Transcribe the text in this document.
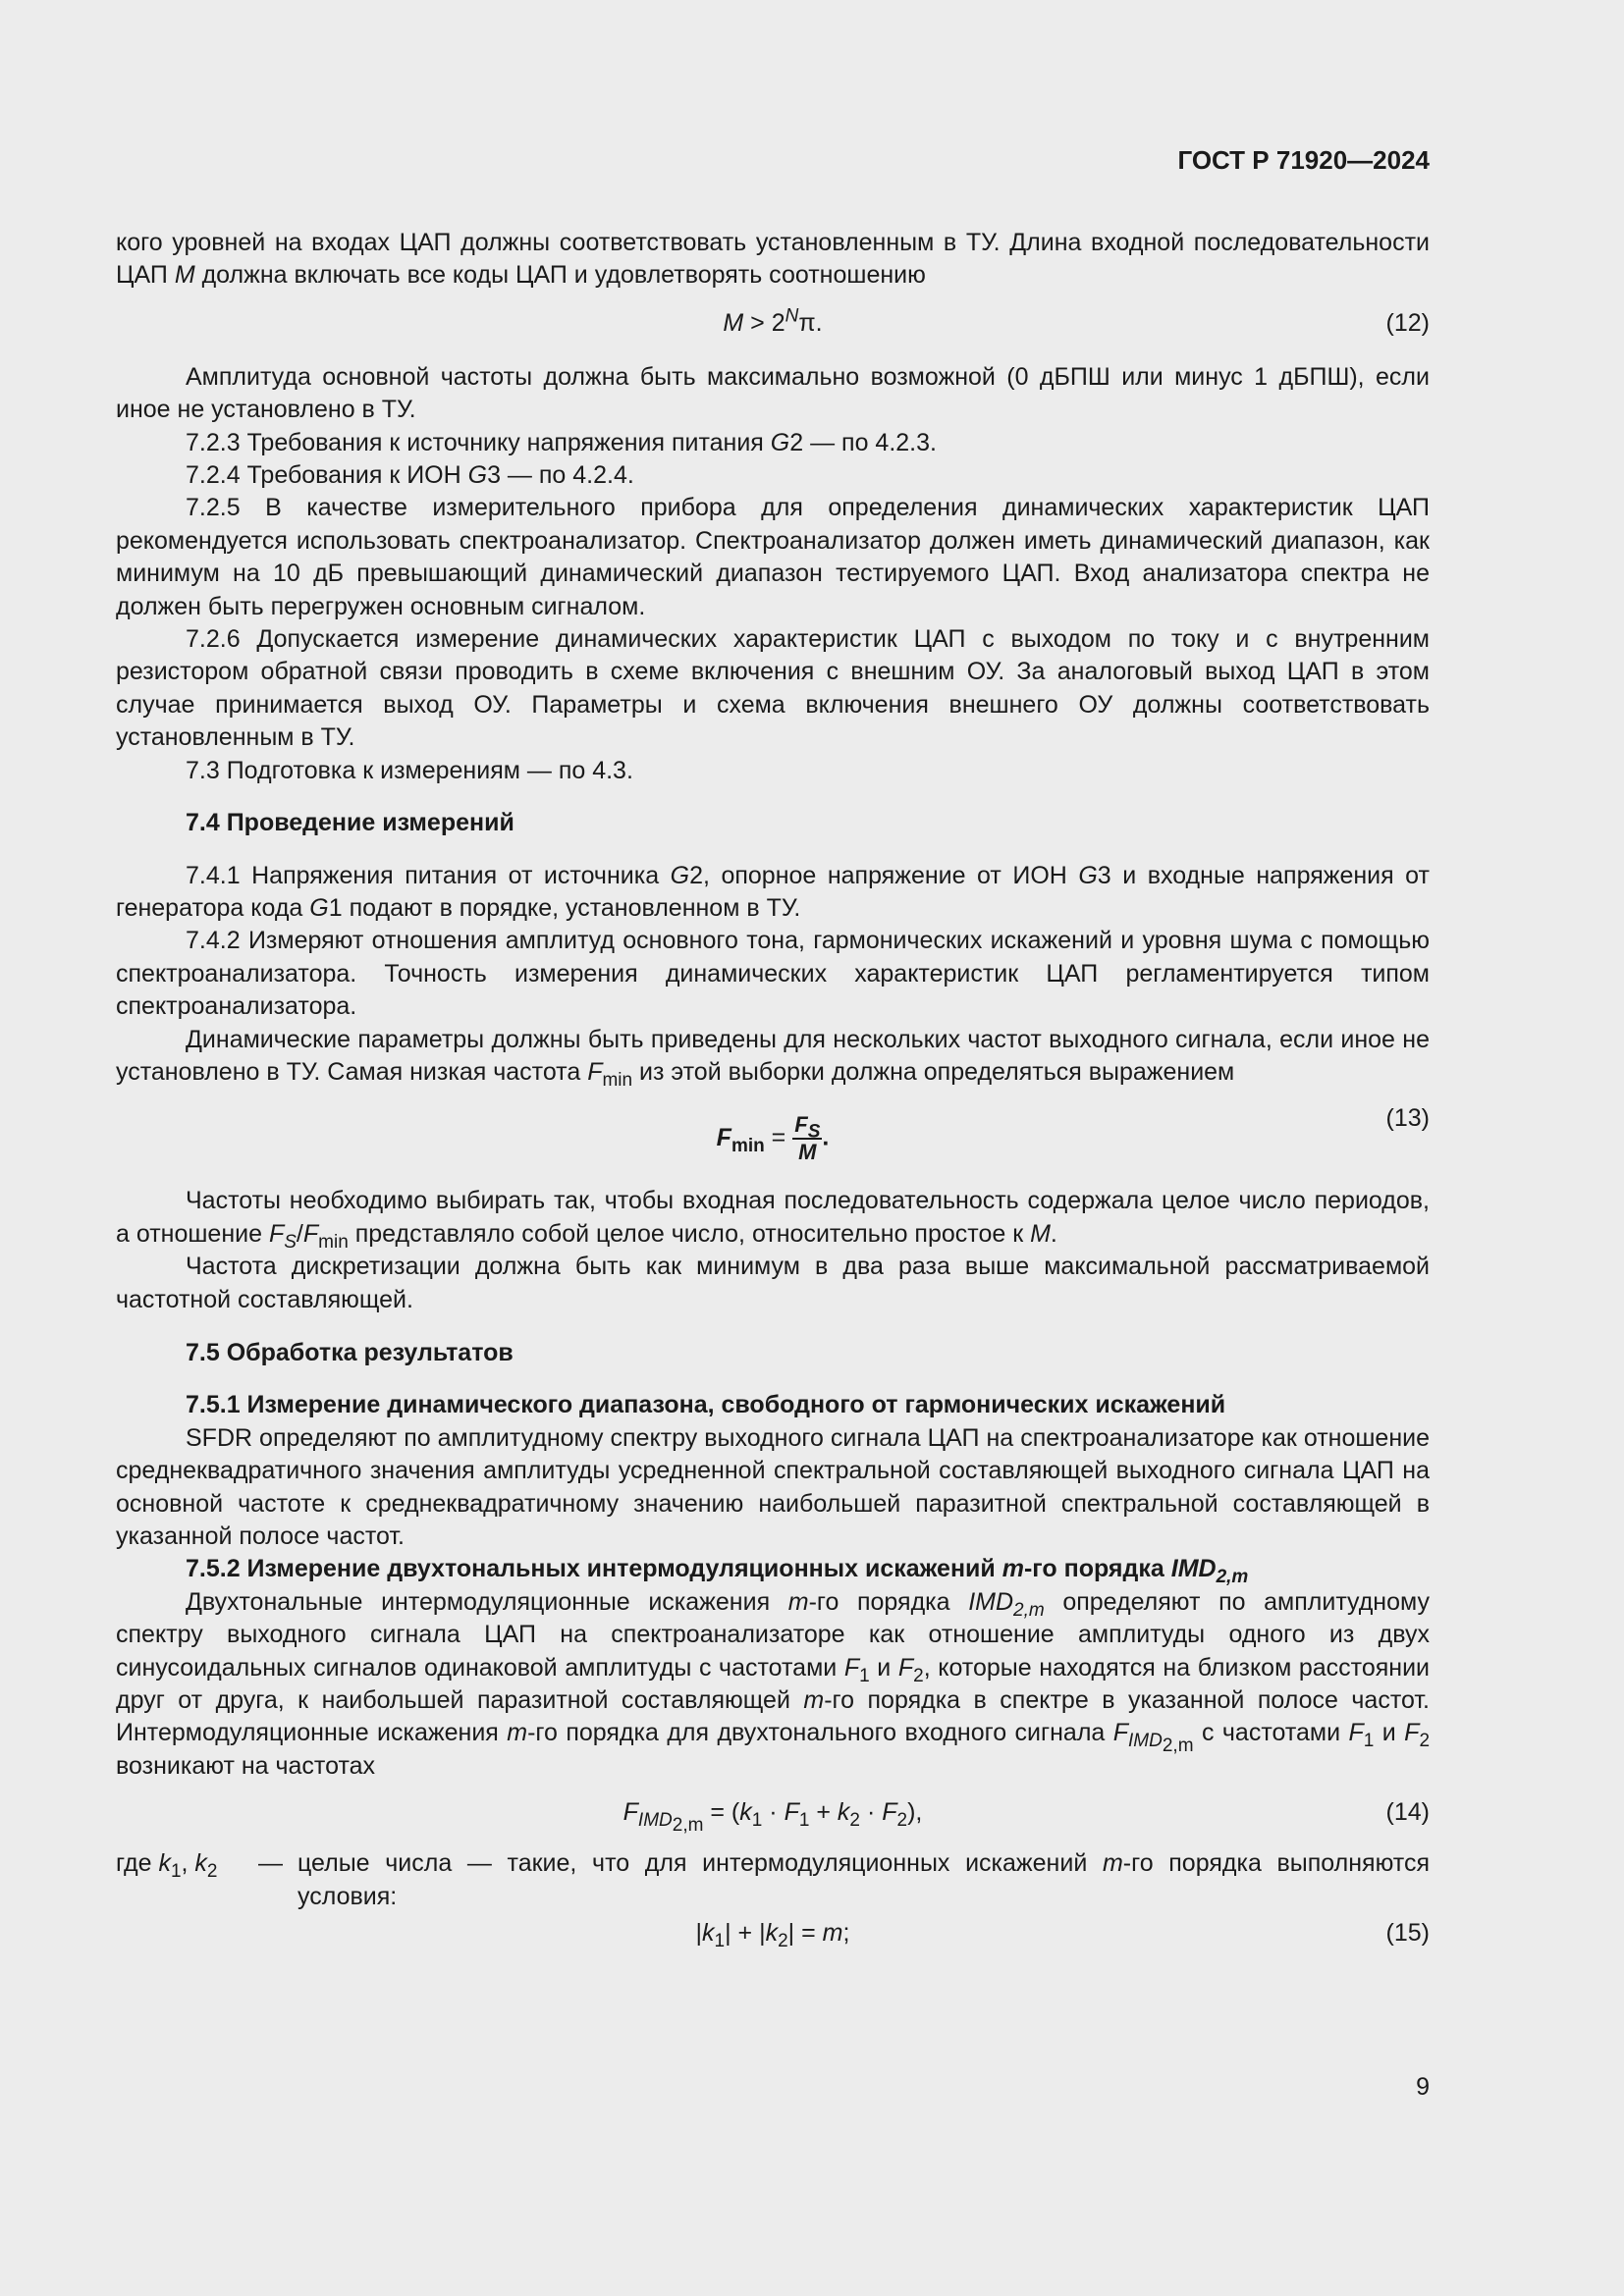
ГОСТ Р 71920—2024

кого уровней на входах ЦАП должны соответствовать установленным в ТУ. Длина входной последовательности ЦАП M должна включать все коды ЦАП и удовлетворять соотношению

$M > 2^N\pi$.	(12)

Амплитуда основной частоты должна быть максимально возможной (0 дБПШ или минус 1 дБПШ), если иное не установлено в ТУ.

7.2.3 Требования к источнику напряжения питания G2 — по 4.2.3.

7.2.4 Требования к ИОН G3 — по 4.2.4.

7.2.5 В качестве измерительного прибора для определения динамических характеристик ЦАП рекомендуется использовать спектроанализатор. Спектроанализатор должен иметь динамический диапазон, как минимум на 10 дБ превышающий динамический диапазон тестируемого ЦАП. Вход анализатора спектра не должен быть перегружен основным сигналом.

7.2.6 Допускается измерение динамических характеристик ЦАП с выходом по току и с внутренним резистором обратной связи проводить в схеме включения с внешним ОУ. За аналоговый выход ЦАП в этом случае принимается выход ОУ. Параметры и схема включения внешнего ОУ должны соответствовать установленным в ТУ.

7.3 Подготовка к измерениям — по 4.3.

7.4 Проведение измерений

7.4.1 Напряжения питания от источника G2, опорное напряжение от ИОН G3 и входные напряжения от генератора кода G1 подают в порядке, установленном в ТУ.

7.4.2 Измеряют отношения амплитуд основного тона, гармонических искажений и уровня шума с помощью спектроанализатора. Точность измерения динамических характеристик ЦАП регламентируется типом спектроанализатора.

Динамические параметры должны быть приведены для нескольких частот выходного сигнала, если иное не установлено в ТУ. Самая низкая частота $F_{min}$ из этой выборки должна определяться выражением

$F_{min} = \frac{F_S}{M}$ .
(13)

Частоты необходимо выбирать так, чтобы входная последовательность содержала целое число периодов, а отношение $F_S/F_{min}$ представляло собой целое число, относительно простое к M.

Частота дискретизации должна быть как минимум в два раза выше максимальной рассматриваемой частотной составляющей.

7.5 Обработка результатов

7.5.1 Измерение динамического диапазона, свободного от гармонических искажений

SFDR определяют по амплитудному спектру выходного сигнала ЦАП на спектроанализаторе как отношение среднеквадратичного значения амплитуды усредненной спектральной составляющей выходного сигнала ЦАП на основной частоте к среднеквадратичному значению наибольшей паразитной спектральной составляющей в указанной полосе частот.

7.5.2 Измерение двухтональных интермодуляционных искажений m-го порядка $IMD_{2,m}$

Двухтональные интермодуляционные искажения m-го порядка $IMD_{2,m}$ определяют по амплитудному спектру выходного сигнала ЦАП на спектроанализаторе как отношение амплитуды одного из двух синусоидальных сигналов одинаковой амплитуды с частотами $F_1$ и $F_2$, которые находятся на близком расстоянии друг от друга, к наибольшей паразитной составляющей m-го порядка в спектре в указанной полосе частот. Интермодуляционные искажения m-го порядка для двухтонального входного сигнала $F_{IMD_{2,m}}$ с частотами $F_1$ и $F_2$ возникают на частотах

$F_{IMD_{2,m}} = (k_1 \cdot F_1 + k_2 \cdot F_2)$,	(14)
где $k_1$, $k_2$	— целые числа — такие, что для интермодуляционных искажений m-го порядка выполняются условия:
$|k_1| + |k_2| = m$;	(15)
9
